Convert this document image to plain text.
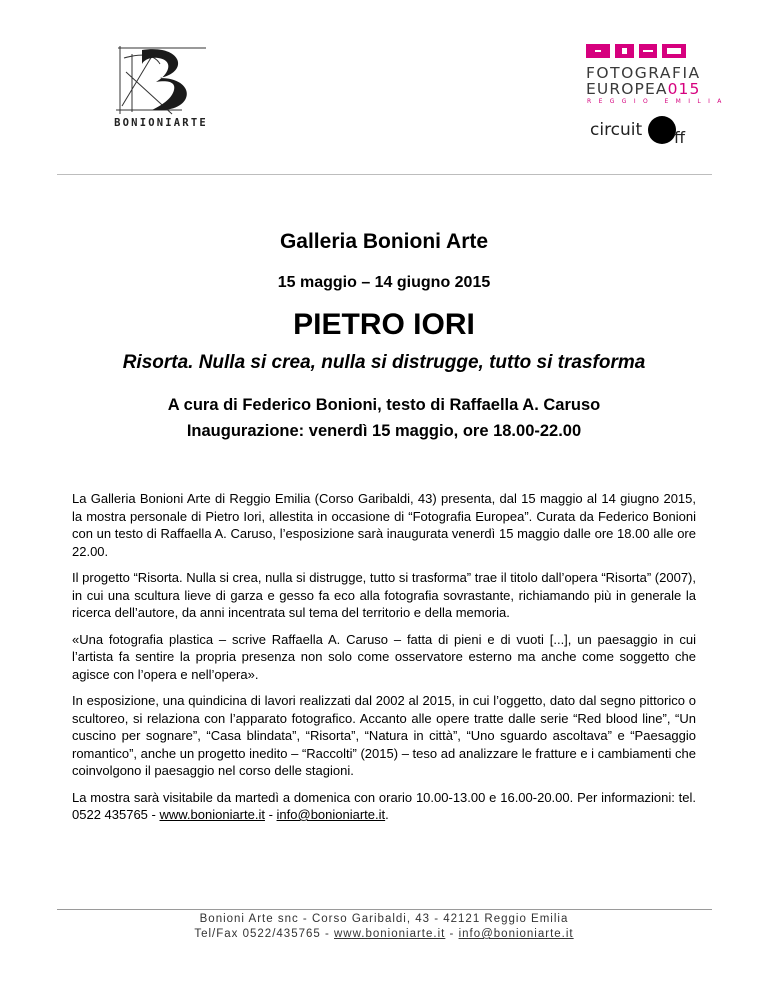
BONIONIARTE
FOTOGRAFIA
EUROPEA015
REGGIO EMILIA
circuit ff
Galleria Bonioni Arte
15 maggio – 14 giugno 2015
PIETRO IORI
Risorta. Nulla si crea, nulla si distrugge, tutto si trasforma
A cura di Federico Bonioni, testo di Raffaella A. Caruso
Inaugurazione: venerdì 15 maggio, ore 18.00-22.00

La Galleria Bonioni Arte di Reggio Emilia (Corso Garibaldi, 43) presenta, dal 15 maggio al 14 giugno 2015, la mostra personale di Pietro Iori, allestita in occasione di “Fotografia Europea”. Curata da Federico Bonioni con un testo di Raffaella A. Caruso, l’esposizione sarà inaugurata venerdì 15 maggio dalle ore 18.00 alle ore 22.00.

Il progetto “Risorta. Nulla si crea, nulla si distrugge, tutto si trasforma” trae il titolo dall’opera “Risorta” (2007), in cui una scultura lieve di garza e gesso fa eco alla fotografia sovrastante, richiamando più in generale la ricerca dell’autore, da anni incentrata sul tema del territorio e della memoria.

«Una fotografia plastica – scrive Raffaella A. Caruso – fatta di pieni e di vuoti [...], un paesaggio in cui l’artista fa sentire la propria presenza non solo come osservatore esterno ma anche come soggetto che agisce con l’opera e nell’opera».

In esposizione, una quindicina di lavori realizzati dal 2002 al 2015, in cui l’oggetto, dato dal segno pittorico o scultoreo, si relaziona con l’apparato fotografico. Accanto alle opere tratte dalle serie “Red blood line”, “Un cuscino per sognare”, “Casa blindata”, “Risorta”, “Natura in città”, “Uno sguardo ascoltava” e “Paesaggio romantico”, anche un progetto inedito – “Raccolti” (2015) – teso ad analizzare le fratture e i cambiamenti che coinvolgono il paesaggio nel corso delle stagioni.

La mostra sarà visitabile da martedì a domenica con orario 10.00-13.00 e 16.00-20.00. Per informazioni: tel. 0522 435765 - www.bonioniarte.it - info@bonioniarte.it.

Bonioni Arte snc - Corso Garibaldi, 43 - 42121 Reggio Emilia
Tel/Fax 0522/435765 - www.bonioniarte.it - info@bonioniarte.it
